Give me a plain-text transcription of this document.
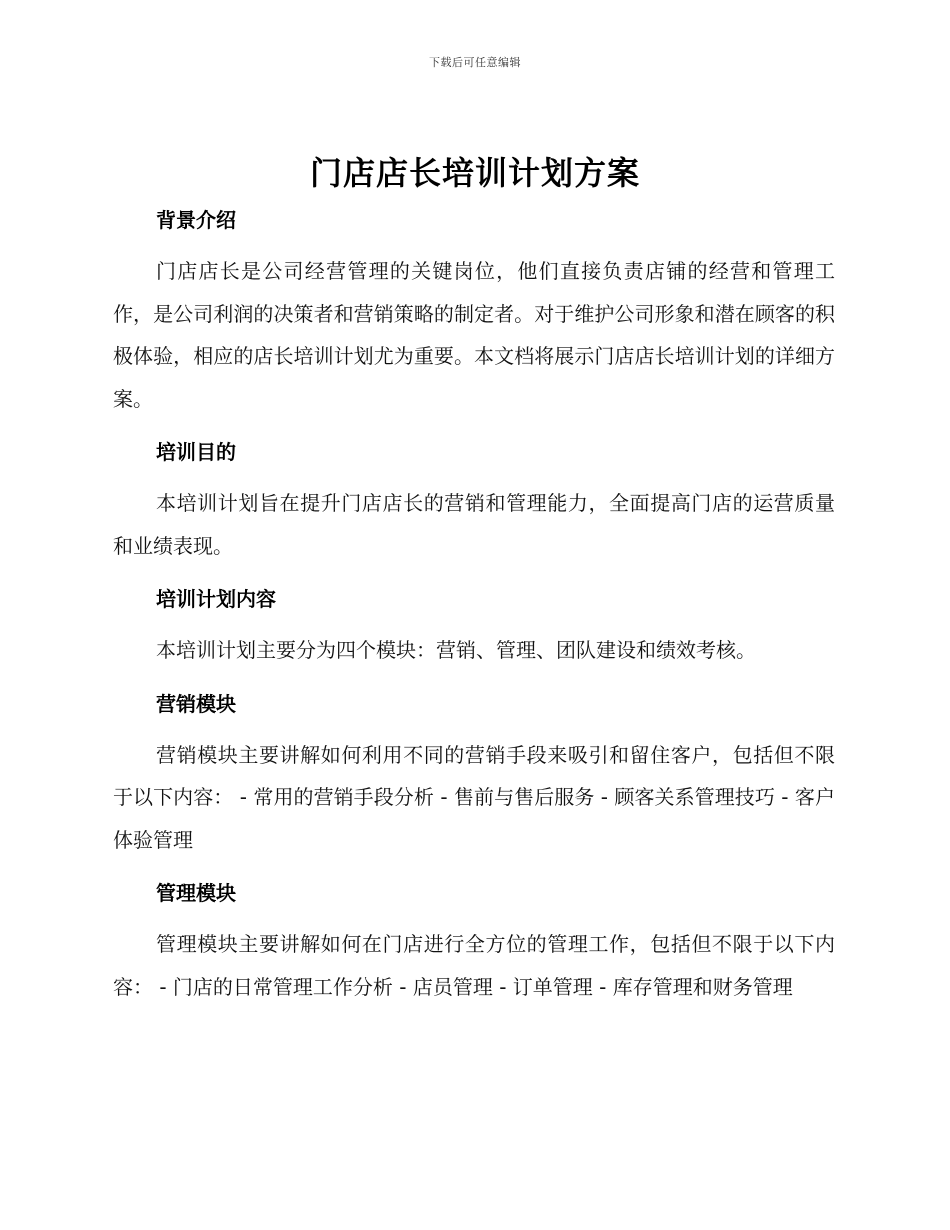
下载后可任意编辑
门店店长培训计划方案
背景介绍

门店店长是公司经营管理的关键岗位，他们直接负责店铺的经营和管理工作，是公司利润的决策者和营销策略的制定者。对于维护公司形象和潜在顾客的积极体验，相应的店长培训计划尤为重要。本文档将展示门店店长培训计划的详细方案。

培训目的

本培训计划旨在提升门店店长的营销和管理能力，全面提高门店的运营质量和业绩表现。

培训计划内容

本培训计划主要分为四个模块：营销、管理、团队建设和绩效考核。

营销模块

营销模块主要讲解如何利用不同的营销手段来吸引和留住客户，包括但不限于以下内容： - 常用的营销手段分析 - 售前与售后服务 - 顾客关系管理技巧 - 客户体验管理

管理模块

管理模块主要讲解如何在门店进行全方位的管理工作，包括但不限于以下内容： - 门店的日常管理工作分析 - 店员管理 - 订单管理 - 库存管理和财务管理
